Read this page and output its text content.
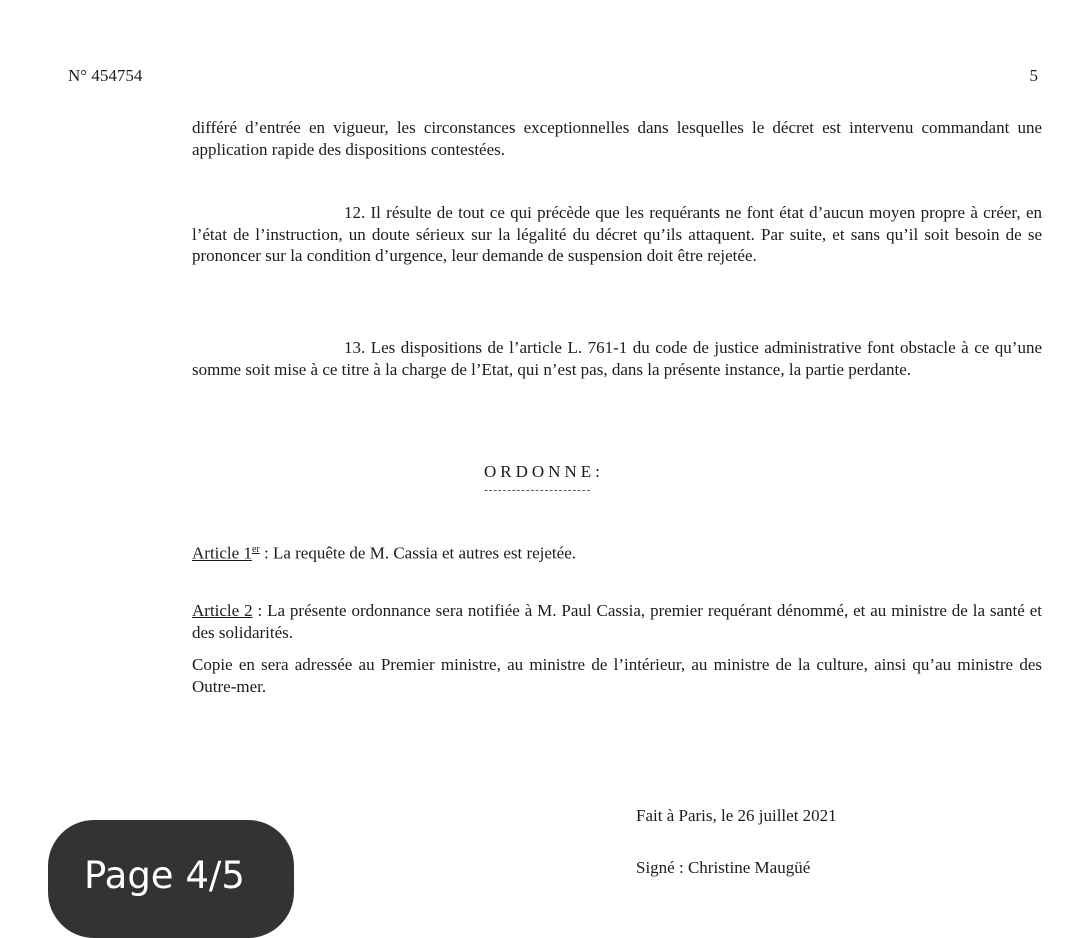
N° 454754	5
différé d’entrée en vigueur, les circonstances exceptionnelles dans lesquelles le décret est intervenu commandant une application rapide des dispositions contestées.
12. Il résulte de tout ce qui précède que les requérants ne font état d’aucun moyen propre à créer, en l’état de l’instruction, un doute sérieux sur la légalité du décret qu’ils attaquent. Par suite, et sans qu’il soit besoin de se prononcer sur la condition d’urgence, leur demande de suspension doit être rejetée.
13. Les dispositions de l’article L. 761-1 du code de justice administrative font obstacle à ce qu’une somme soit mise à ce titre à la charge de l’Etat, qui n’est pas, dans la présente instance, la partie perdante.
ORDONNE:
-----------------------
Article 1er : La requête de M. Cassia et autres est rejetée.
Article 2 : La présente ordonnance sera notifiée à M. Paul Cassia, premier requérant dénommé, et au ministre de la santé et des solidarités.
Copie en sera adressée au Premier ministre, au ministre de l’intérieur, au ministre de la culture, ainsi qu’au ministre des Outre-mer.
Fait à Paris, le 26 juillet 2021
Signé : Christine Maugüé
Page 4/5
